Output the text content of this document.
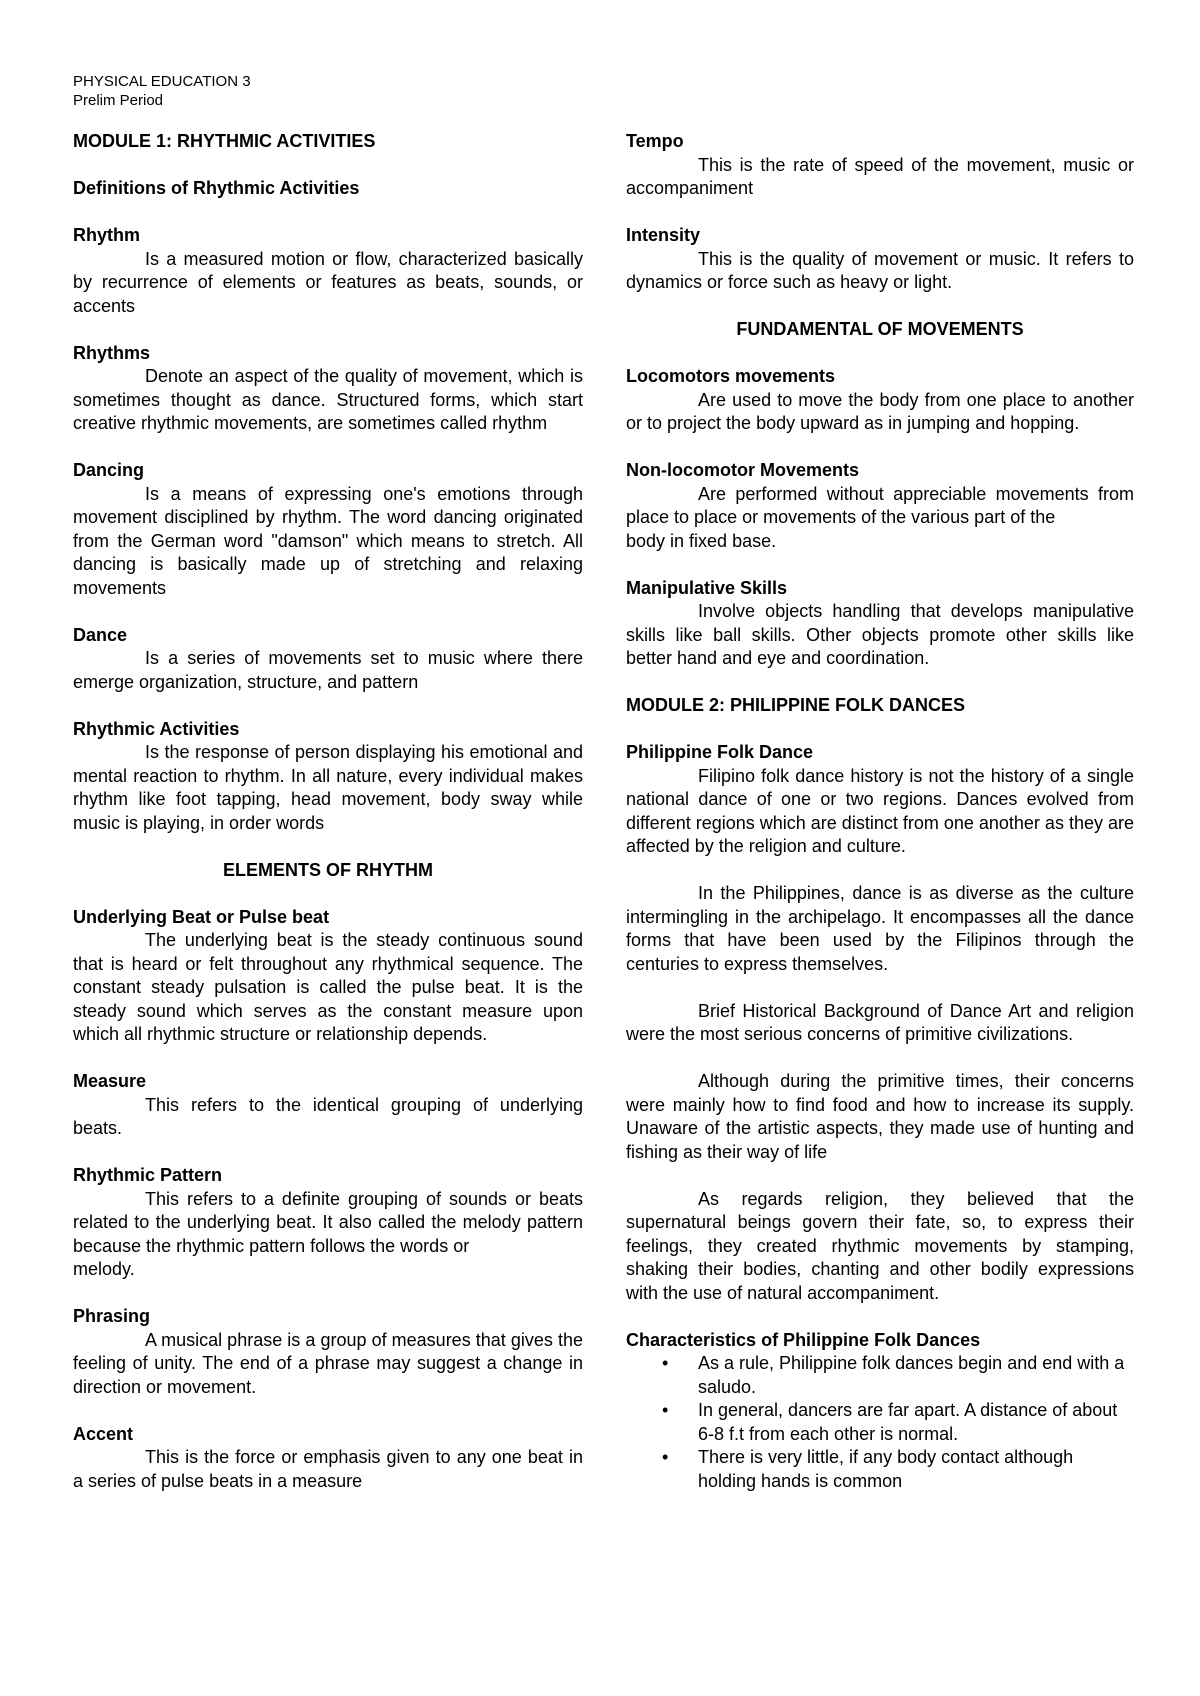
PHYSICAL EDUCATION 3
Prelim Period
MODULE 1: RHYTHMIC ACTIVITIES
Definitions of Rhythmic Activities
Rhythm
Is a measured motion or flow, characterized basically by recurrence of elements or features as beats, sounds, or accents
Rhythms
Denote an aspect of the quality of movement, which is sometimes thought as dance. Structured forms, which start creative rhythmic movements, are sometimes called rhythm
Dancing
Is a means of expressing one's emotions through movement disciplined by rhythm. The word dancing originated from the German word "damson" which means to stretch. All dancing is basically made up of stretching and relaxing movements
Dance
Is a series of movements set to music where there emerge organization, structure, and pattern
Rhythmic Activities
Is the response of person displaying his emotional and mental reaction to rhythm. In all nature, every individual makes rhythm like foot tapping, head movement, body sway while music is playing, in order words
ELEMENTS OF RHYTHM
Underlying Beat or Pulse beat
The underlying beat is the steady continuous sound that is heard or felt throughout any rhythmical sequence. The constant steady pulsation is called the pulse beat. It is the steady sound which serves as the constant measure upon which all rhythmic structure or relationship depends.
Measure
This refers to the identical grouping of underlying beats.
Rhythmic Pattern
This refers to a definite grouping of sounds or beats related to the underlying beat. It also called the melody pattern because the rhythmic pattern follows the words or
melody.
Phrasing
A musical phrase is a group of measures that gives the feeling of unity. The end of a phrase may suggest a change in direction or movement.
Accent
This is the force or emphasis given to any one beat in a series of pulse beats in a measure
Tempo
This is the rate of speed of the movement, music or accompaniment
Intensity
This is the quality of movement or music. It refers to dynamics or force such as heavy or light.
FUNDAMENTAL OF MOVEMENTS
Locomotors movements
Are used to move the body from one place to another or to project the body upward as in jumping and hopping.
Non-locomotor Movements
Are performed without appreciable movements from place to place or movements of the various part of the
body in fixed base.
Manipulative Skills
Involve objects handling that develops manipulative skills like ball skills. Other objects promote other skills like better hand and eye and coordination.
MODULE 2: PHILIPPINE FOLK DANCES
Philippine Folk Dance
Filipino folk dance history is not the history of a single national dance of one or two regions. Dances evolved from different regions which are distinct from one another as they are affected by the religion and culture.
In the Philippines, dance is as diverse as the culture intermingling in the archipelago. It encompasses all the dance forms that have been used by the Filipinos through the centuries to express themselves.
Brief Historical Background of Dance Art and religion were the most serious concerns of primitive civilizations.
Although during the primitive times, their concerns were mainly how to find food and how to increase its supply. Unaware of the artistic aspects, they made use of hunting and fishing as their way of life
As regards religion, they believed that the supernatural beings govern their fate, so, to express their feelings, they created rhythmic movements by stamping, shaking their bodies, chanting and other bodily expressions with the use of natural accompaniment.
Characteristics of Philippine Folk Dances
• As a rule, Philippine folk dances begin and end with a saludo.
• In general, dancers are far apart. A distance of about 6-8 f.t from each other is normal.
• There is very little, if any body contact although holding hands is common
